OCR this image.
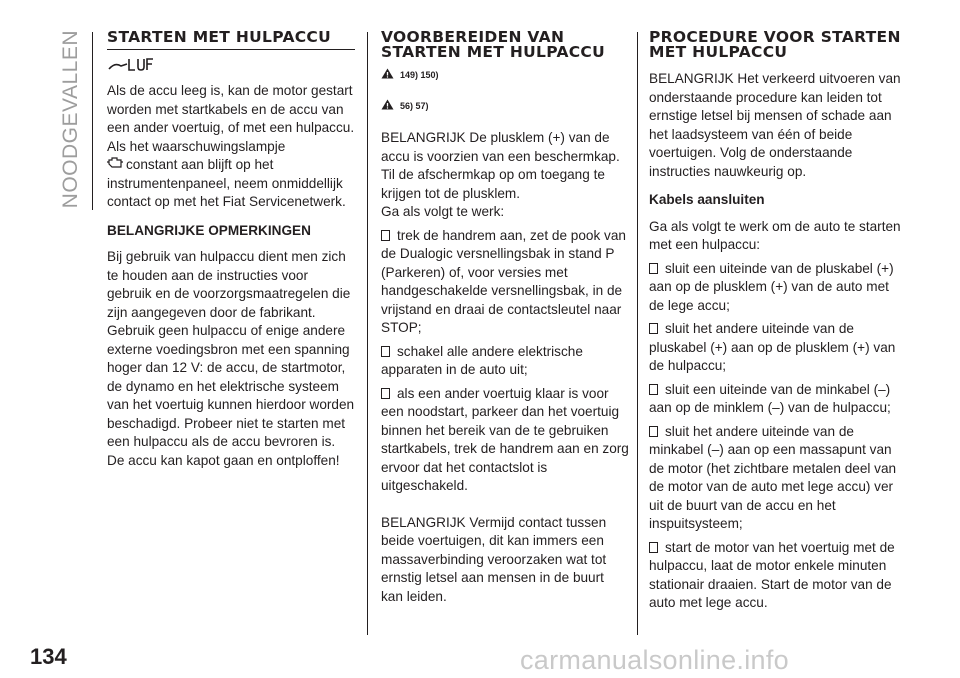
NOODGEVALLEN STARTEN MET HULPACCU

Als de accu leeg is, kan de motor gestart worden met startkabels en de accu van een ander voertuig, of met een hulpaccu.

Als het waarschuwingslampje

constant aan blijft op het instrumentenpaneel, neem onmiddellijk contact op met het Fiat Servicenetwerk.

BELANGRIJKE OPMERKINGEN

Bij gebruik van hulpaccu dient men zich te houden aan de instructies voor gebruik en de voorzorgsmaatregelen die zijn aangegeven door de fabrikant. Gebruik geen hulpaccu of enige andere externe voedingsbron met een spanning hoger dan 12 V: de accu, de startmotor, de dynamo en het elektrische systeem van het voertuig kunnen hierdoor worden beschadigd. Probeer niet te starten met een hulpaccu als de accu bevroren is. De accu kan kapot gaan en ontploffen!

VOORBEREIDEN VAN STARTEN MET HULPACCU
149) 150)
56) 57)

BELANGRIJK De plusklem (+) van de accu is voorzien van een beschermkap. Til de afschermkap op om toegang te krijgen tot de plusklem.

Ga als volgt te werk:

trek de handrem aan, zet de pook van de Dualogic versnellingsbak in stand P (Parkeren) of, voor versies met handgeschakelde versnellingsbak, in de vrijstand en draai de contactsleutel naar STOP;

schakel alle andere elektrische apparaten in de auto uit;

als een ander voertuig klaar is voor een noodstart, parkeer dan het voertuig binnen het bereik van de te gebruiken startkabels, trek de handrem aan en zorg ervoor dat het contactslot is uitgeschakeld.

BELANGRIJK Vermijd contact tussen beide voertuigen, dit kan immers een massaverbinding veroorzaken wat tot ernstig letsel aan mensen in de buurt kan leiden.

PROCEDURE VOOR STARTEN MET HULPACCU

BELANGRIJK Het verkeerd uitvoeren van onderstaande procedure kan leiden tot ernstige letsel bij mensen of schade aan het laadsysteem van één of beide voertuigen. Volg de onderstaande instructies nauwkeurig op.

Kabels aansluiten

Ga als volgt te werk om de auto te starten met een hulpaccu:

sluit een uiteinde van de pluskabel (+) aan op de plusklem (+) van de auto met de lege accu;

sluit het andere uiteinde van de pluskabel (+) aan op de plusklem (+) van de hulpaccu;

sluit een uiteinde van de minkabel (–) aan op de minklem (–) van de hulpaccu;

sluit het andere uiteinde van de minkabel (–) aan op een massapunt van de motor (het zichtbare metalen deel van de motor van de auto met lege accu) ver uit de buurt van de accu en het inspuitsysteem;

start de motor van het voertuig met de hulpaccu, laat de motor enkele minuten stationair draaien. Start de motor van de auto met lege accu.

134	carmanualsonline.info
